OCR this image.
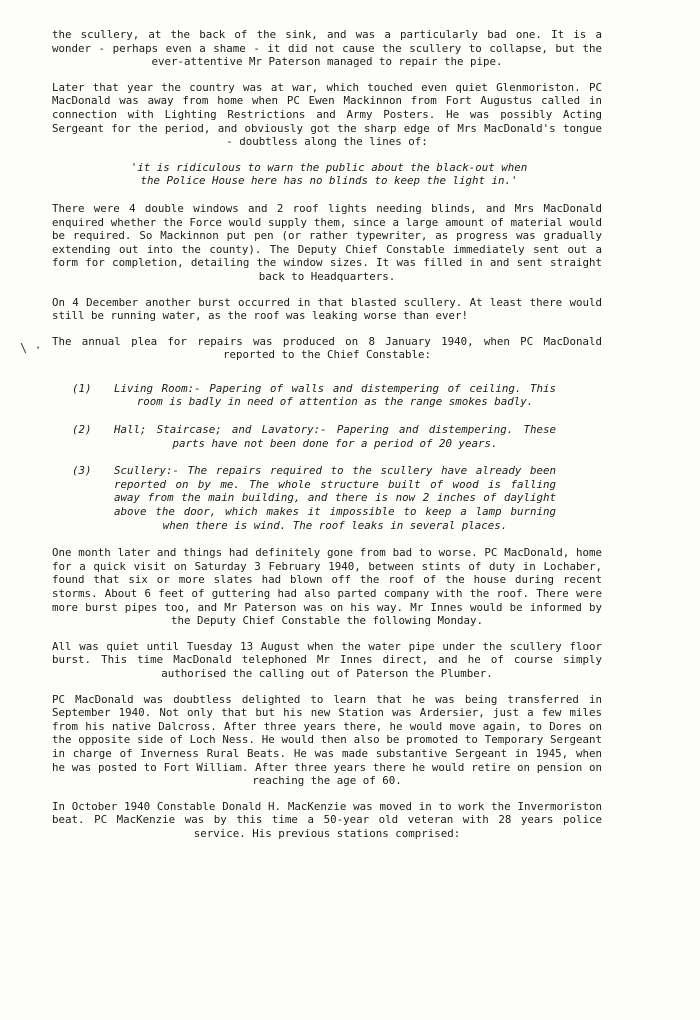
the scullery, at the back of the sink, and was a particularly bad one. It is a wonder - perhaps even a shame - it did not cause the scullery to collapse, but the ever-attentive Mr Paterson managed to repair the pipe.

Later that year the country was at war, which touched even quiet Glenmoriston. PC MacDonald was away from home when PC Ewen Mackinnon from Fort Augustus called in connection with Lighting Restrictions and Army Posters. He was possibly Acting Sergeant for the period, and obviously got the sharp edge of Mrs MacDonald's tongue - doubtless along the lines of:

'it is ridiculous to warn the public about the black-out when the Police House here has no blinds to keep the light in.'

There were 4 double windows and 2 roof lights needing blinds, and Mrs MacDonald enquired whether the Force would supply them, since a large amount of material would be required. So Mackinnon put pen (or rather typewriter, as progress was gradually extending out into the county). The Deputy Chief Constable immediately sent out a form for completion, detailing the window sizes. It was filled in and sent straight back to Headquarters.

On 4 December another burst occurred in that blasted scullery. At least there would still be running water, as the roof was leaking worse than ever!

The annual plea for repairs was produced on 8 January 1940, when PC MacDonald reported to the Chief Constable:

(1)	Living Room:- Papering of walls and distempering of ceiling. This room is badly in need of attention as the range smokes badly.
(2)	Hall; Staircase; and Lavatory:- Papering and distempering. These parts have not been done for a period of 20 years.
(3)	Scullery:- The repairs required to the scullery have already been reported on by me. The whole structure built of wood is falling away from the main building, and there is now 2 inches of daylight above the door, which makes it impossible to keep a lamp burning when there is wind. The roof leaks in several places.

One month later and things had definitely gone from bad to worse. PC MacDonald, home for a quick visit on Saturday 3 February 1940, between stints of duty in Lochaber, found that six or more slates had blown off the roof of the house during recent storms. About 6 feet of guttering had also parted company with the roof. There were more burst pipes too, and Mr Paterson was on his way. Mr Innes would be informed by the Deputy Chief Constable the following Monday.

All was quiet until Tuesday 13 August when the water pipe under the scullery floor burst. This time MacDonald telephoned Mr Innes direct, and he of course simply authorised the calling out of Paterson the Plumber.

PC MacDonald was doubtless delighted to learn that he was being transferred in September 1940. Not only that but his new Station was Ardersier, just a few miles from his native Dalcross. After three years there, he would move again, to Dores on the opposite side of Loch Ness. He would then also be promoted to Temporary Sergeant in charge of Inverness Rural Beats. He was made substantive Sergeant in 1945, when he was posted to Fort William. After three years there he would retire on pension on reaching the age of 60.

In October 1940 Constable Donald H. MacKenzie was moved in to work the Invermoriston beat. PC MacKenzie was by this time a 50-year old veteran with 28 years police service. His previous stations comprised:

\ ·
